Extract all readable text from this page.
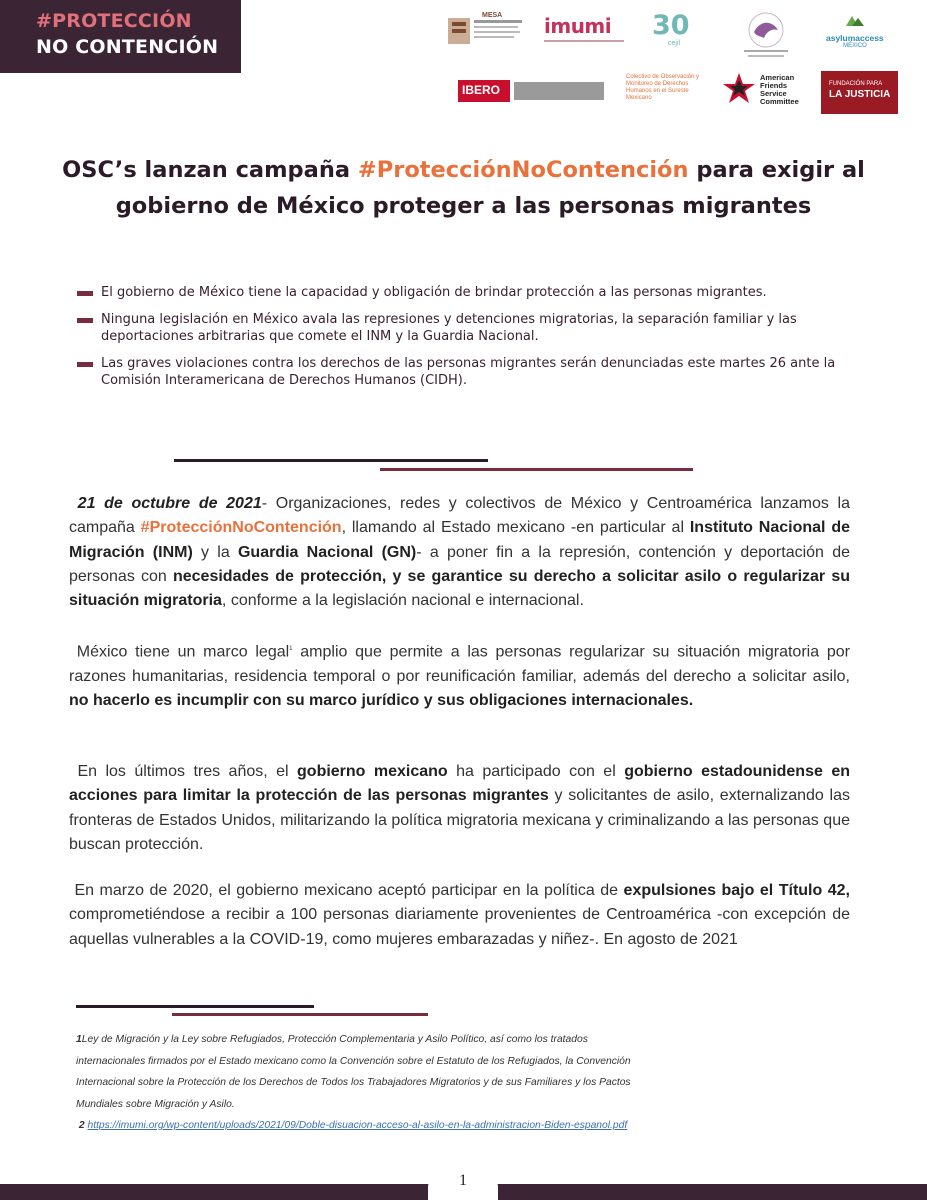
#PROTECCIÓN
NO CONTENCIÓN
MESA imumi	30
cejil
asylumaccess
MÉXICO
IBERO
Colectivo de Observación y Monitoreo de Derechos Humanos en el Sureste Mexicano
American Friends Service Committee
FUNDACIÓN PARA
LA JUSTICIA
OSC’s lanzan campaña #ProtecciónNoContención para exigir al gobierno de México proteger a las personas migrantes
El gobierno de México tiene la capacidad y obligación de brindar protección a las personas migrantes.
Ninguna legislación en México avala las represiones y detenciones migratorias, la separación familiar y las deportaciones arbitrarias que comete el INM y la Guardia Nacional.
Las graves violaciones contra los derechos de las personas migrantes serán denunciadas este martes 26 ante la Comisión Interamericana de Derechos Humanos (CIDH).
21 de octubre de 2021- Organizaciones, redes y colectivos de México y Centroamérica lanzamos la campaña #ProtecciónNoContención, llamando al Estado mexicano -en particular al Instituto Nacional de Migración (INM) y la Guardia Nacional (GN)- a poner fin a la represión, contención y deportación de personas con necesidades de protección, y se garantice su derecho a solicitar asilo o regularizar su situación migratoria, conforme a la legislación nacional e internacional.
México tiene un marco legal$^1$ amplio que permite a las personas regularizar su situación migratoria por razones humanitarias, residencia temporal o por reunificación familiar, además del derecho a solicitar asilo, no hacerlo es incumplir con su marco jurídico y sus obligaciones internacionales.
En los últimos tres años, el gobierno mexicano ha participado con el gobierno estadounidense en acciones para limitar la protección de las personas migrantes y solicitantes de asilo, externalizando las fronteras de Estados Unidos, militarizando la política migratoria mexicana y criminalizando a las personas que buscan protección.
En marzo de 2020, el gobierno mexicano aceptó participar en la política de expulsiones bajo el Título 42, comprometiéndose a recibir a 100 personas diariamente provenientes de Centroamérica -con excepción de aquellas vulnerables a la COVID-19, como mujeres embarazadas y niñez-. En agosto de 2021
1Ley de Migración y la Ley sobre Refugiados, Protección Complementaria y Asilo Político, así como los tratados internacionales firmados por el Estado mexicano como la Convención sobre el Estatuto de los Refugiados, la Convención Internacional sobre la Protección de los Derechos de Todos los Trabajadores Migratorios y de sus Familiares y los Pactos Mundiales sobre Migración y Asilo.
2 https://imumi.org/wp-content/uploads/2021/09/Doble-disuacion-acceso-al-asilo-en-la-administracion-Biden-espanol.pdf
1
